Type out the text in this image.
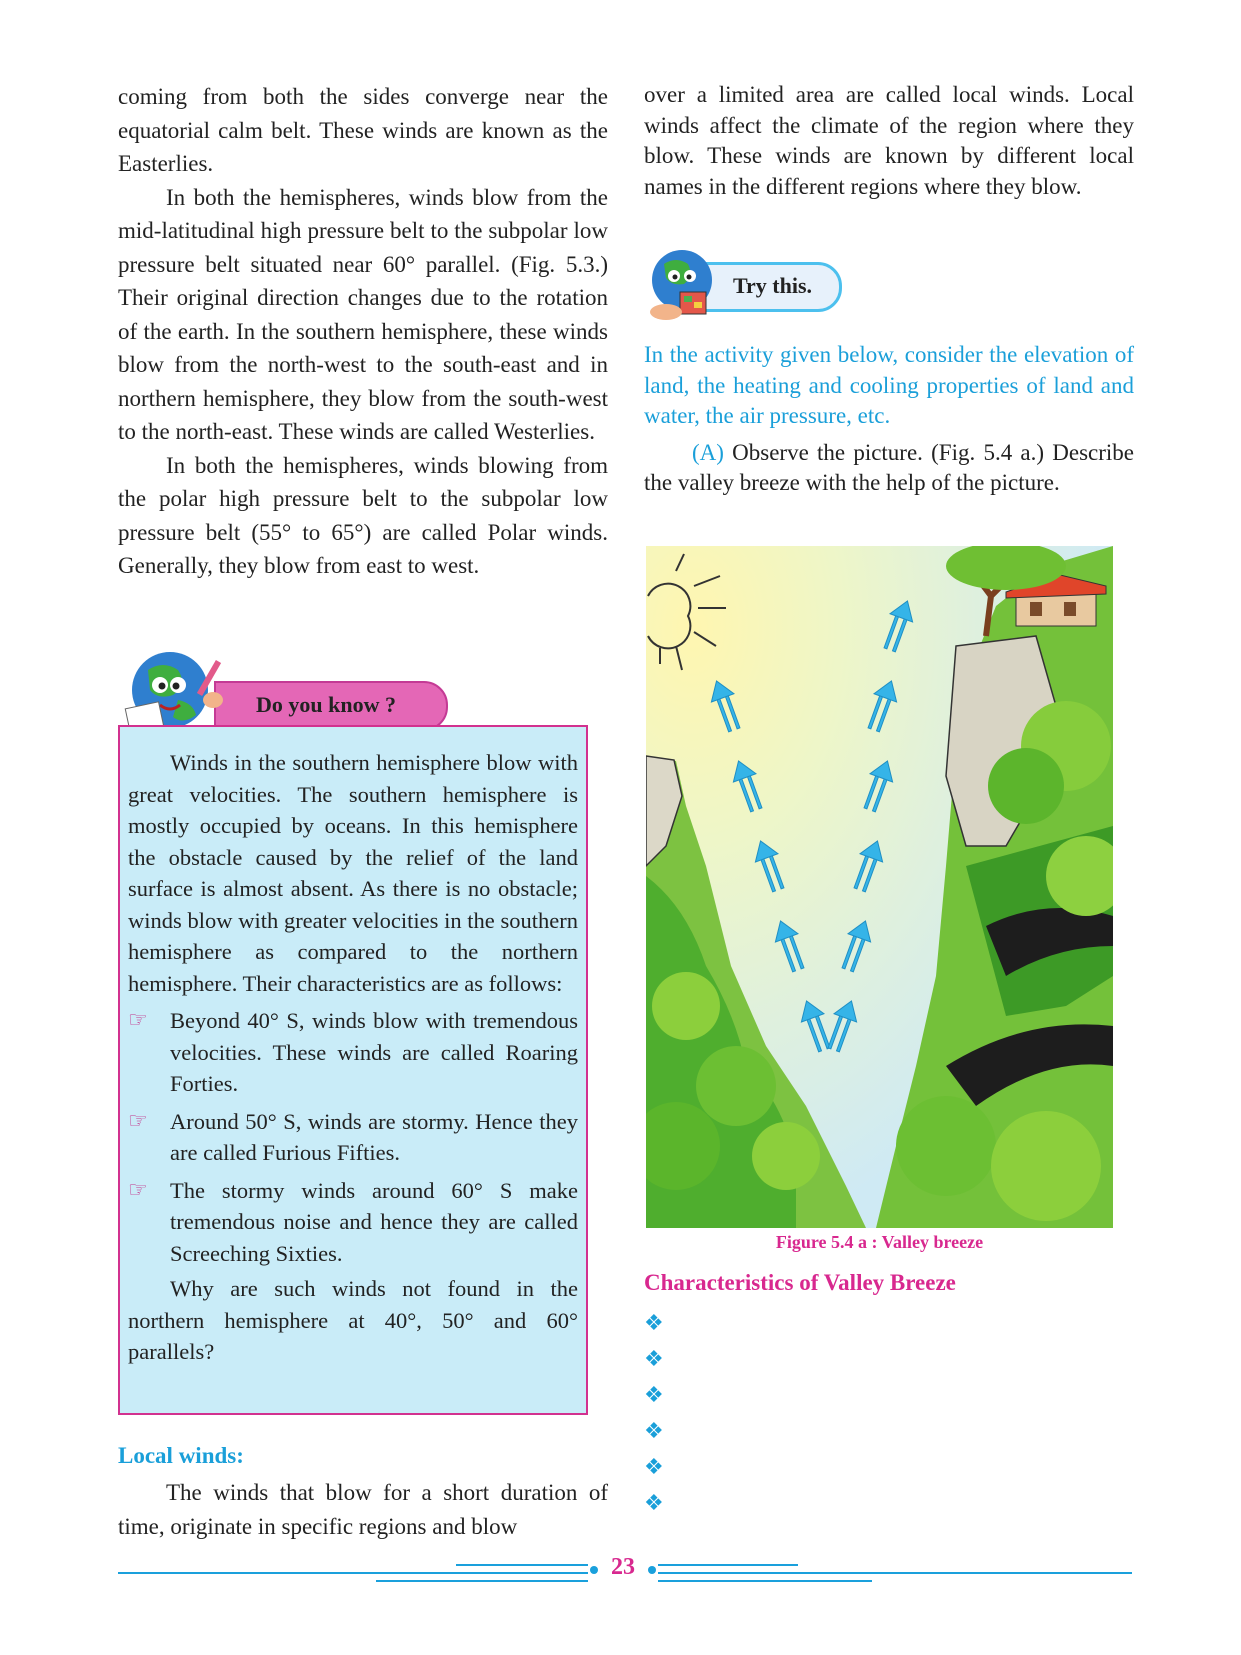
coming from both the sides converge near the equatorial calm belt. These winds are known as the Easterlies.

In both the hemispheres, winds blow from the mid-latitudinal high pressure belt to the subpolar low pressure belt situated near 60° parallel. (Fig. 5.3.) Their original direction changes due to the rotation of the earth. In the southern hemisphere, these winds blow from the north-west to the south-east and in northern hemisphere, they blow from the south-west to the north-east. These winds are called Westerlies.

In both the hemispheres, winds blowing from the polar high pressure belt to the subpolar low pressure belt (55° to 65°) are called Polar winds. Generally, they blow from east to west.

Do you know ?

Winds in the southern hemisphere blow with great velocities. The southern hemisphere is mostly occupied by oceans. In this hemisphere the obstacle caused by the relief of the land surface is almost absent. As there is no obstacle; winds blow with greater velocities in the southern hemisphere as compared to the northern hemisphere. Their characteristics are as follows:

☞ Beyond 40° S, winds blow with tremendous velocities. These winds are called Roaring Forties.
☞ Around 50° S, winds are stormy. Hence they are called Furious Fifties.
☞ The stormy winds around 60° S make tremendous noise and hence they are called Screeching Sixties.

Why are such winds not found in the northern hemisphere at 40°, 50° and 60° parallels?

Local winds:

The winds that blow for a short duration of time, originate in specific regions and blow

over a limited area are called local winds. Local winds affect the climate of the region where they blow. These winds are known by different local names in the different regions where they blow.

Try this.

In the activity given below, consider the elevation of land, the heating and cooling properties of land and water, the air pressure, etc.

(A) Observe the picture. (Fig. 5.4 a.) Describe the valley breeze with the help of the picture.

Figure 5.4 a : Valley breeze
Characteristics of Valley Breeze
❖
❖
❖
❖
❖
❖
23
